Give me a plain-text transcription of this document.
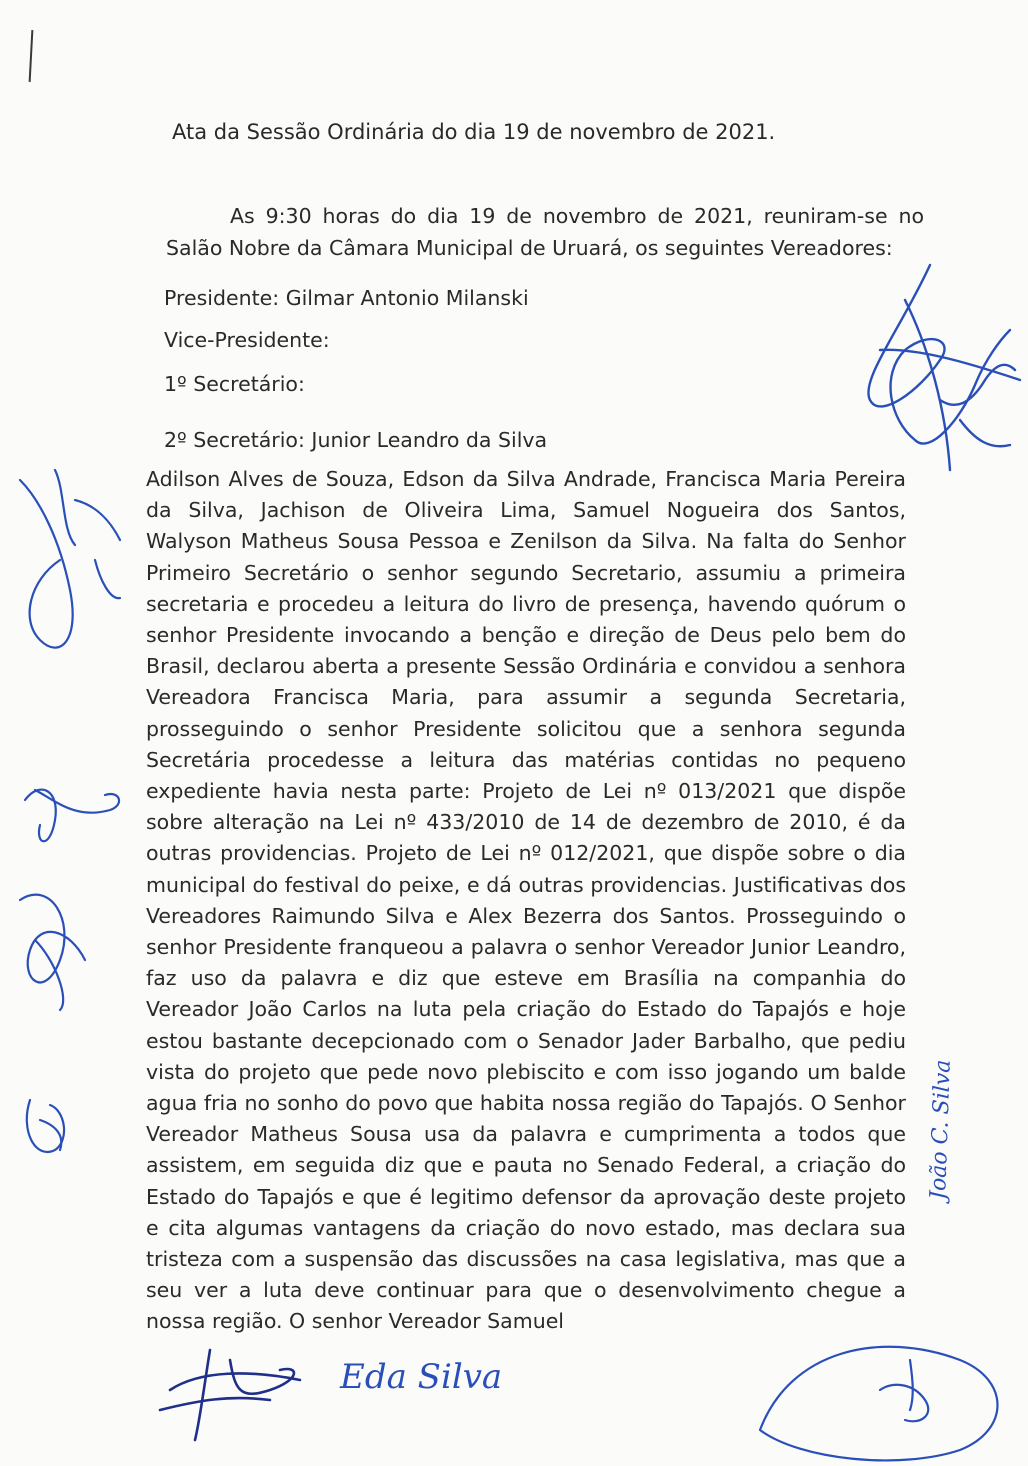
Ata da Sessão Ordinária do dia 19 de novembro de 2021.
As 9:30 horas do dia 19 de novembro de 2021, reuniram-se no Salão Nobre da Câmara Municipal de Uruará, os seguintes Vereadores:
Presidente: Gilmar Antonio Milanski
Vice-Presidente:
1º Secretário:
2º Secretário: Junior Leandro da Silva
Adilson Alves de Souza, Edson da Silva Andrade, Francisca Maria Pereira da Silva, Jachison de Oliveira Lima, Samuel Nogueira dos Santos, Walyson Matheus Sousa Pessoa e Zenilson da Silva. Na falta do Senhor Primeiro Secretário o senhor segundo Secretario, assumiu a primeira secretaria e procedeu a leitura do livro de presença, havendo quórum o senhor Presidente invocando a benção e direção de Deus pelo bem do Brasil, declarou aberta a presente Sessão Ordinária e convidou a senhora Vereadora Francisca Maria, para assumir a segunda Secretaria, prosseguindo o senhor Presidente solicitou que a senhora segunda Secretária procedesse a leitura das matérias contidas no pequeno expediente havia nesta parte: Projeto de Lei nº 013/2021 que dispõe sobre alteração na Lei nº 433/2010 de 14 de dezembro de 2010, é da outras providencias. Projeto de Lei nº 012/2021, que dispõe sobre o dia municipal do festival do peixe, e dá outras providencias. Justificativas dos Vereadores Raimundo Silva e Alex Bezerra dos Santos. Prosseguindo o senhor Presidente franqueou a palavra o senhor Vereador Junior Leandro, faz uso da palavra e diz que esteve em Brasília na companhia do Vereador João Carlos na luta pela criação do Estado do Tapajós e hoje estou bastante decepcionado com o Senador Jader Barbalho, que pediu vista do projeto que pede novo plebiscito e com isso jogando um balde agua fria no sonho do povo que habita nossa região do Tapajós. O Senhor Vereador Matheus Sousa usa da palavra e cumprimenta a todos que assistem, em seguida diz que e pauta no Senado Federal, a criação do Estado do Tapajós e que é legitimo defensor da aprovação deste projeto e cita algumas vantagens da criação do novo estado, mas declara sua tristeza com a suspensão das discussões na casa legislativa, mas que a seu ver a luta deve continuar para que o desenvolvimento chegue a nossa região. O senhor Vereador Samuel
Eda Silva
João C. Silva
